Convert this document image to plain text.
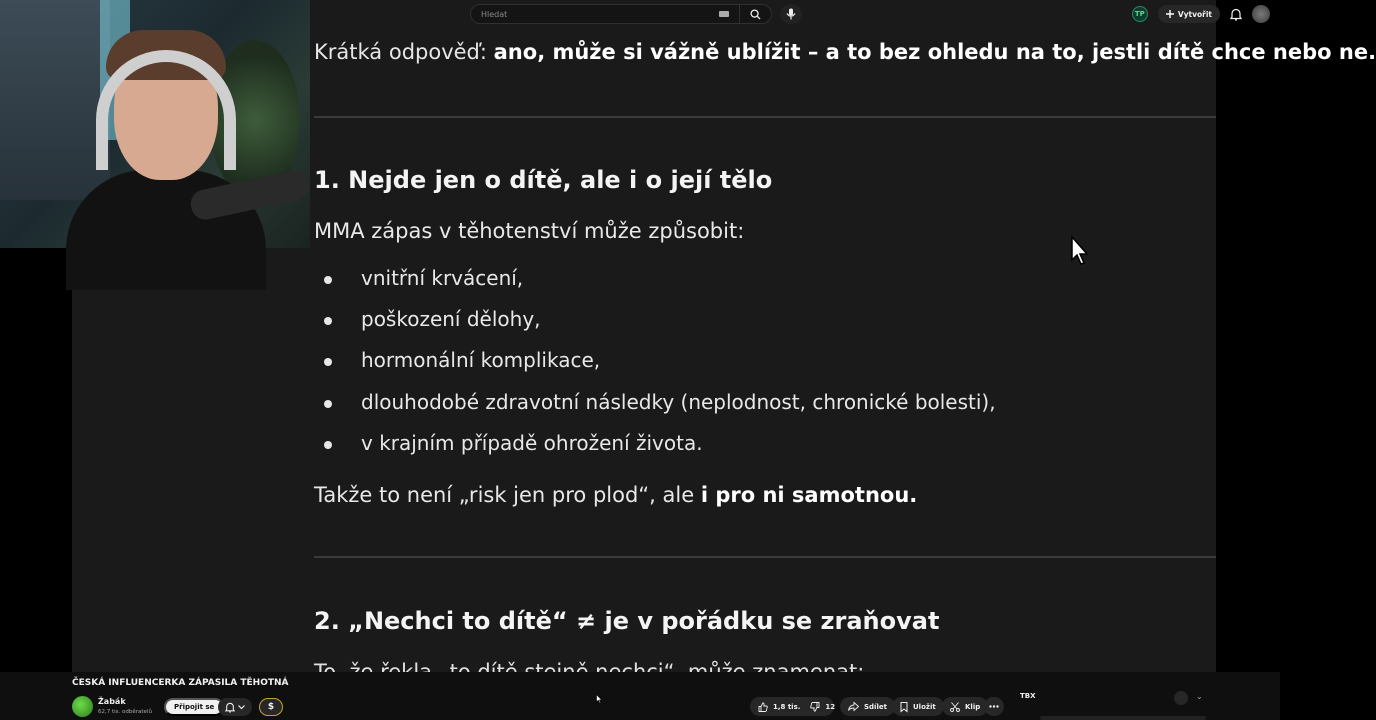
Krátká odpověď: ano, může si vážně ublížit – a to bez ohledu na to, jestli dítě chce nebo ne.
1. Nejde jen o dítě, ale i o její tělo
MMA zápas v těhotenství může způsobit:
vnitřní krvácení,
poškození dělohy,
hormonální komplikace,
dlouhodobé zdravotní následky (neplodnost, chronické bolesti),
v krajním případě ohrožení života.
Takže to není „risk jen pro plod“, ale i pro ni samotnou.
2. „Nechci to dítě“ ≠ je v pořádku se zraňovat
Hledat
TP	Vytvořit
ČESKÁ INFLUENCERKA ZÁPASILA TĚHOTNÁ
Žabák
62,7 tis. odběratelů
Připojit se	$	1,8 tis.	12	Sdílet	Uložit	Klip
TBX	⌄
